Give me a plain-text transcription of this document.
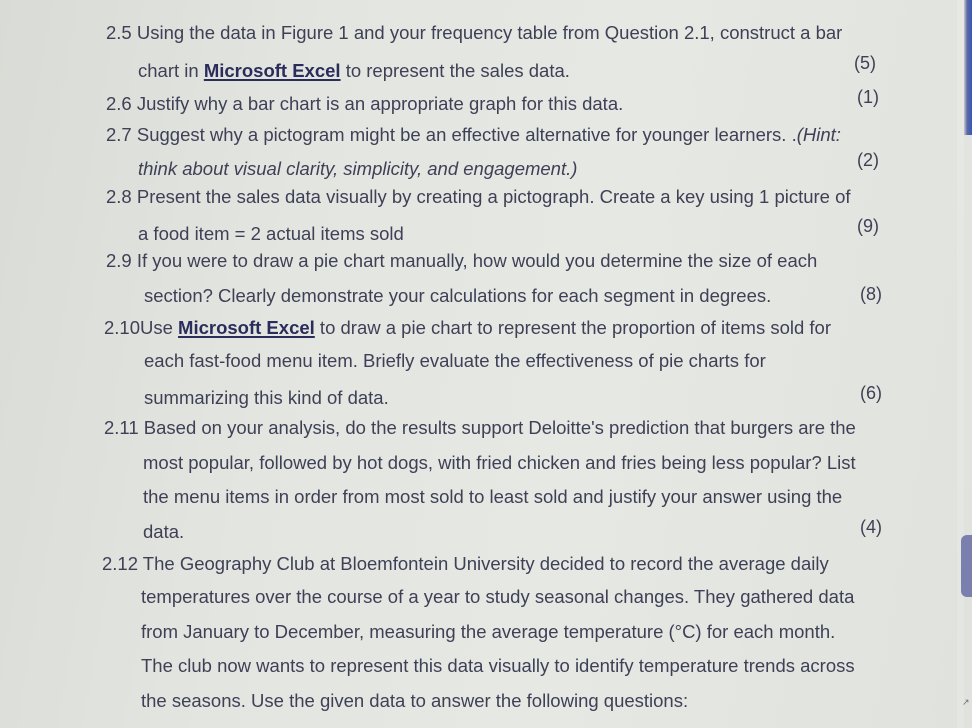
2.5 Using the data in Figure 1 and your frequency table from Question 2.1, construct a bar
chart in Microsoft Excel to represent the sales data.	(5)
2.6 Justify why a bar chart is an appropriate graph for this data.	(1)
2.7 Suggest why a pictogram might be an effective alternative for younger learners. .(Hint:
think about visual clarity, simplicity, and engagement.)	(2)
2.8 Present the sales data visually by creating a pictograph. Create a key using 1 picture of
a food item = 2 actual items sold	(9)
2.9 If you were to draw a pie chart manually, how would you determine the size of each
section? Clearly demonstrate your calculations for each segment in degrees.	(8)
2.10Use Microsoft Excel to draw a pie chart to represent the proportion of items sold for
each fast-food menu item. Briefly evaluate the effectiveness of pie charts for
summarizing this kind of data.	(6)
2.11 Based on your analysis, do the results support Deloitte's prediction that burgers are the
most popular, followed by hot dogs, with fried chicken and fries being less popular? List
the menu items in order from most sold to least sold and justify your answer using the
data.	(4)
2.12 The Geography Club at Bloemfontein University decided to record the average daily
temperatures over the course of a year to study seasonal changes. They gathered data
from January to December, measuring the average temperature (°C) for each month.
The club now wants to represent this data visually to identify temperature trends across
the seasons. Use the given data to answer the following questions:	↗
